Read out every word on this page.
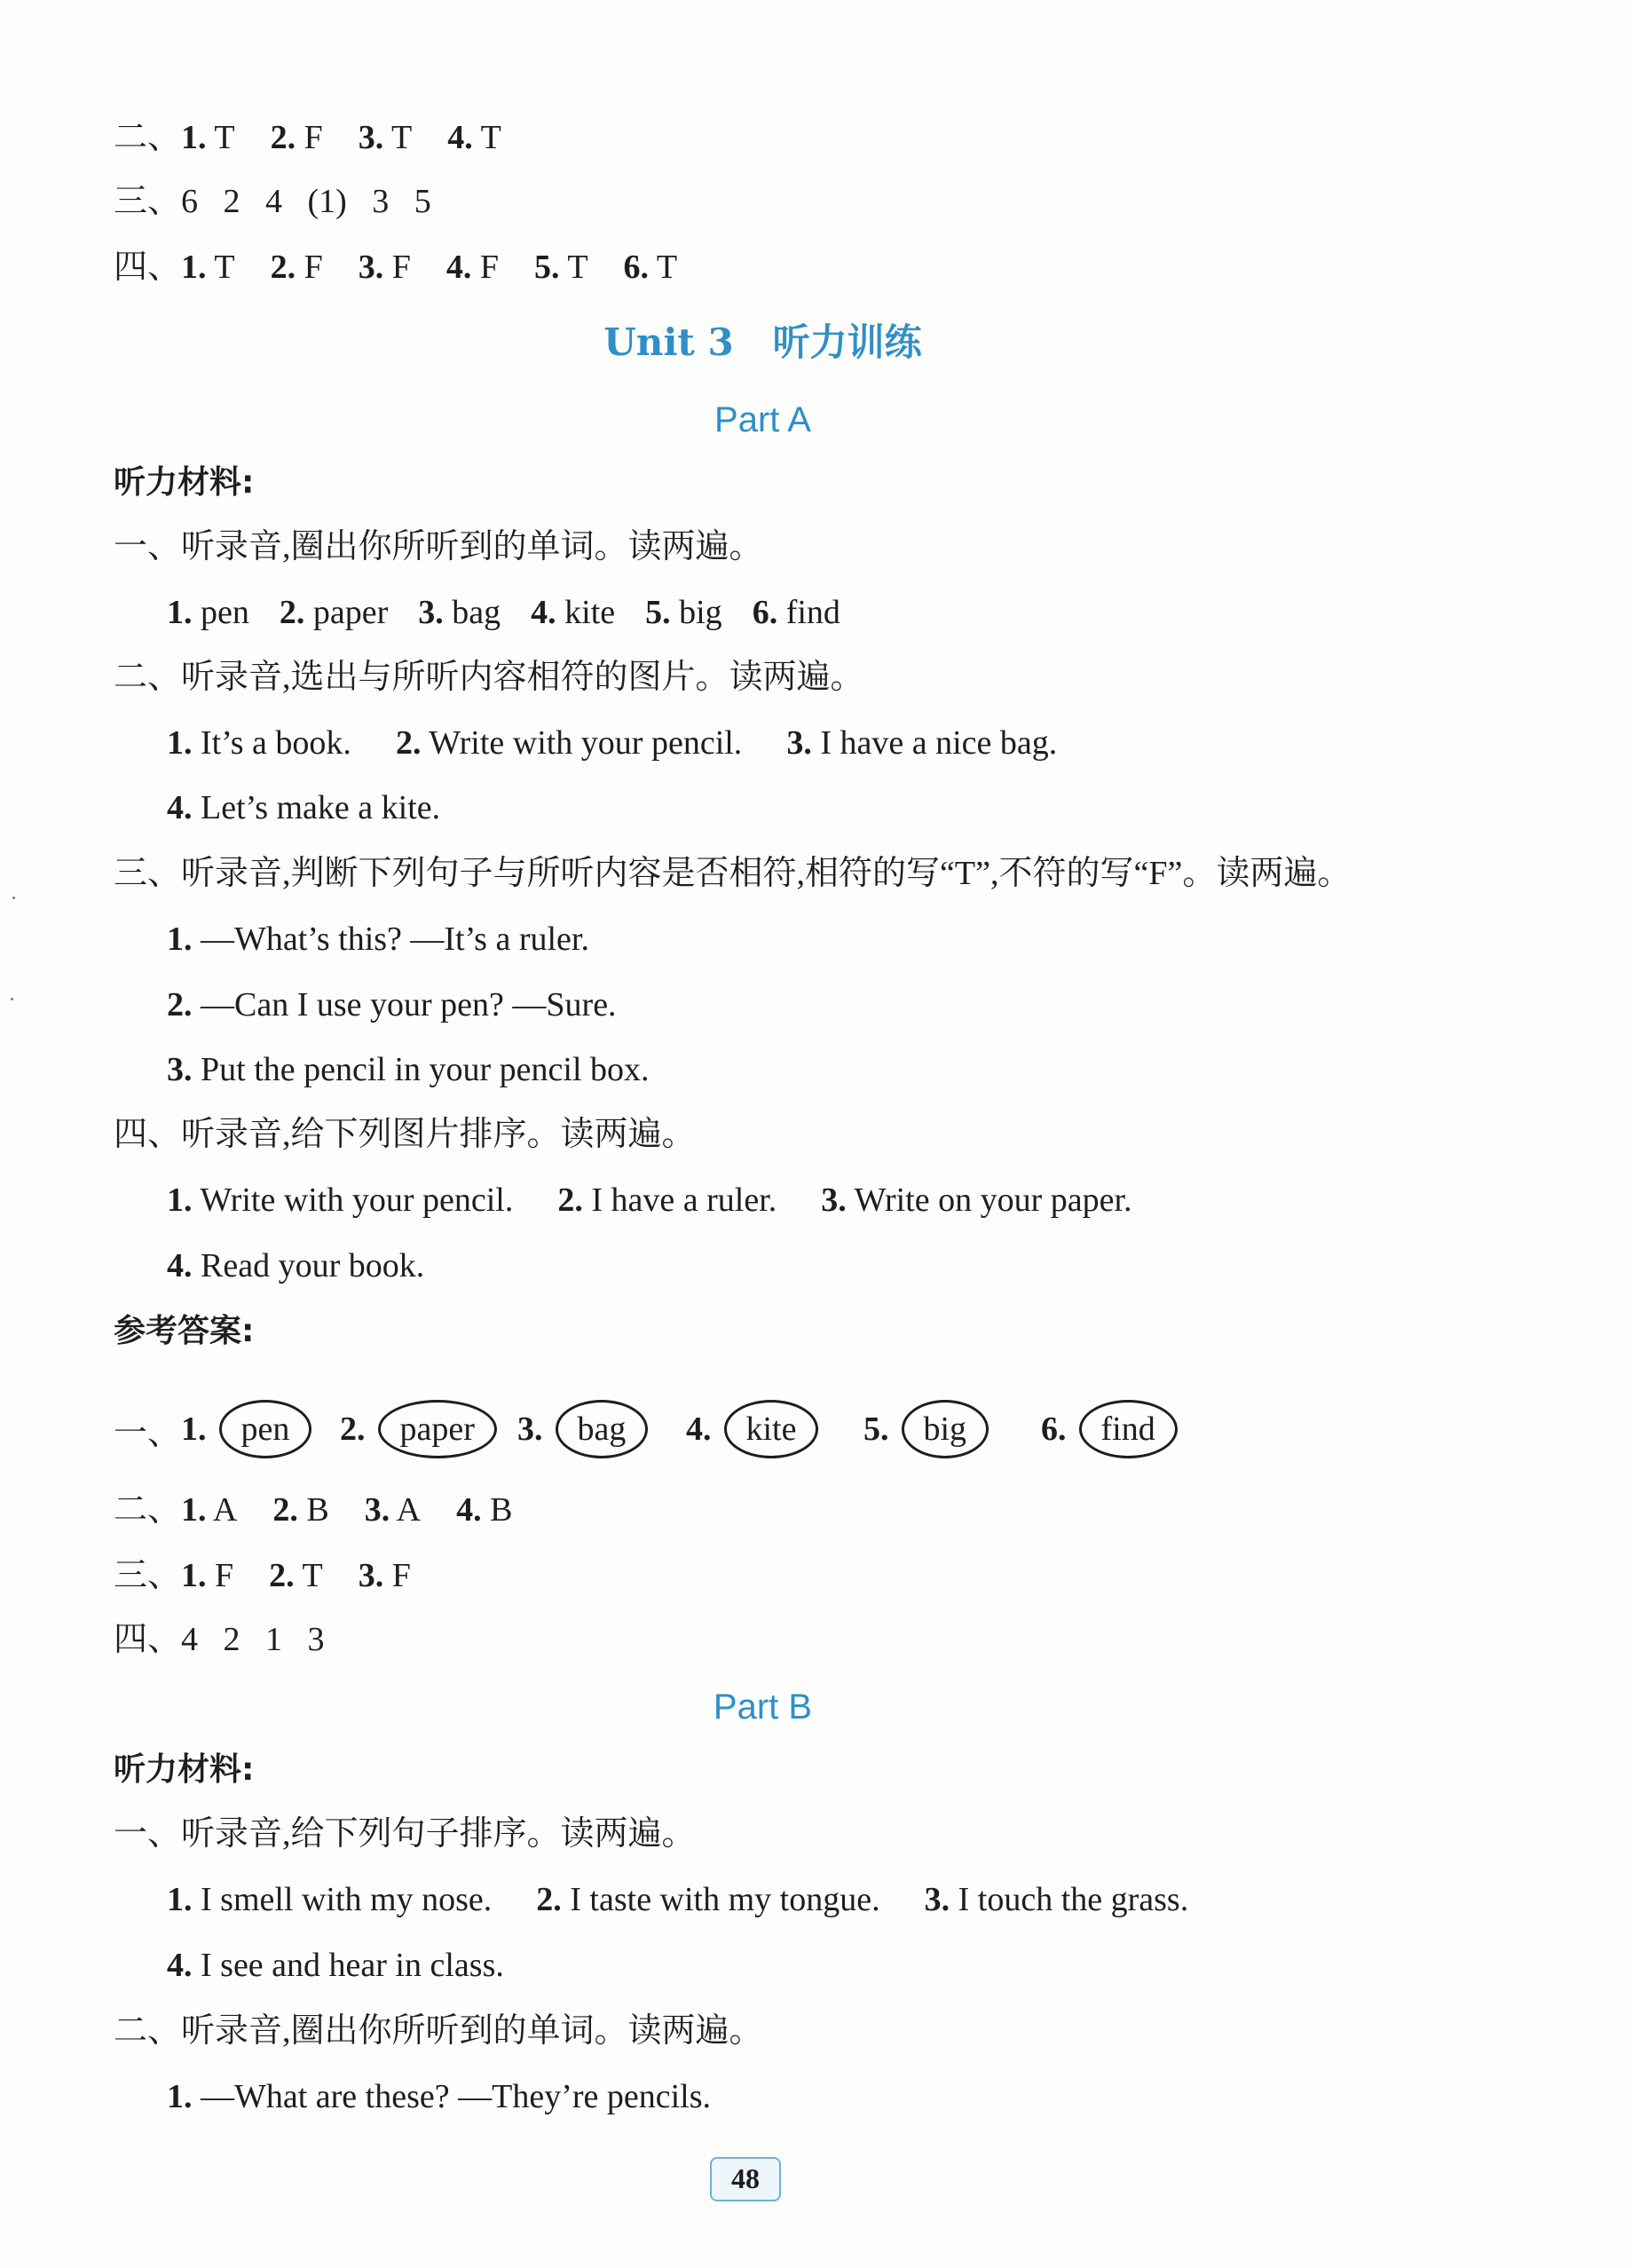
二、1. T 2. F 3. T 4. T
三、6   2   4   (1)   3   5
四、1. T 2. F 3. F 4. F 5. T 6. T
Unit 3 听力训练
Part A
听力材料:
一、听录音,圈出你所听到的单词。读两遍。
1. pen 2. paper 3. bag 4. kite 5. big 6. find
二、听录音,选出与所听内容相符的图片。读两遍。
1. It’s a book. 2. Write with your pencil. 3. I have a nice bag.
4. Let’s make a kite.
三、听录音,判断下列句子与所听内容是否相符,相符的写“T”,不符的写“F”。读两遍。
1. —What’s this? —It’s a ruler.
2. —Can I use your pen? —Sure.
3. Put the pencil in your pencil box.
四、听录音,给下列图片排序。读两遍。
1. Write with your pencil. 2. I have a ruler. 3. Write on your paper.
4. Read your book.
参考答案:
一、 1.	pen	2.	paper	3.	bag	4.	kite	5.	big	6.	find
二、1. A 2. B 3. A 4. B
三、1. F 2. T 3. F
四、4   2   1   3
Part B
听力材料:
一、听录音,给下列句子排序。读两遍。
1. I smell with my nose. 2. I taste with my tongue. 3. I touch the grass.
4. I see and hear in class.
二、听录音,圈出你所听到的单词。读两遍。
1. —What are these? —They’re pencils.
48
